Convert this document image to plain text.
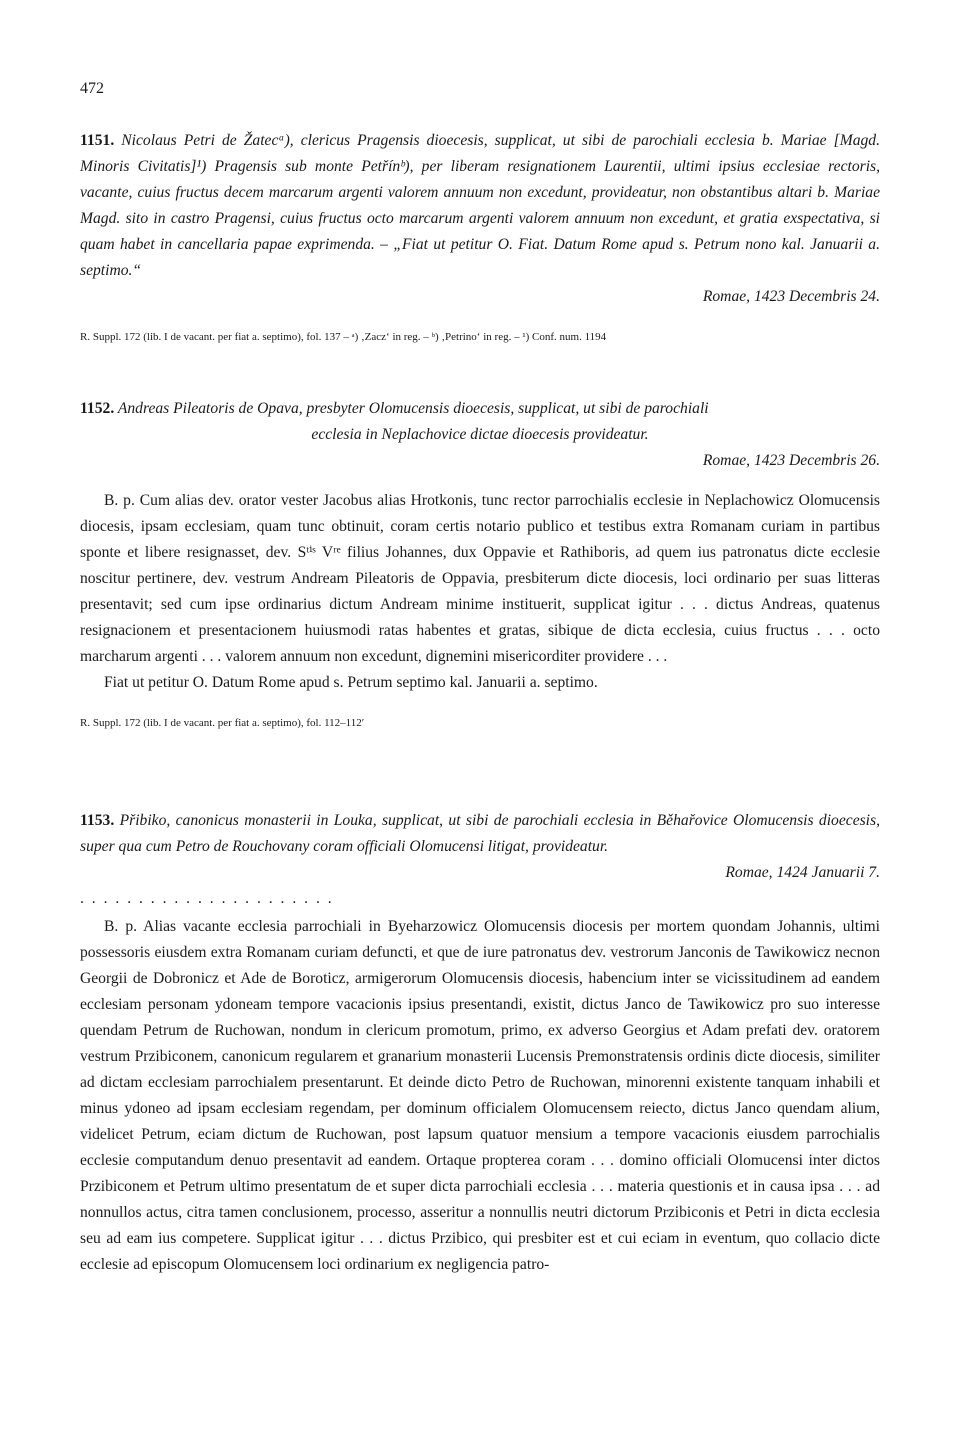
472
1151. Nicolaus Petri de Žatecᵃ), clericus Pragensis dioecesis, supplicat, ut sibi de parochiali ecclesia b. Mariae [Magd. Minoris Civitatis]¹) Pragensis sub monte Petřínᵇ), per liberam resignationem Laurentii, ultimi ipsius ecclesiae rectoris, vacante, cuius fructus decem marcarum argenti valorem annuum non excedunt, provideatur, non obstantibus altari b. Mariae Magd. sito in castro Pragensi, cuius fructus octo marcarum argenti valorem annuum non excedunt, et gratia exspectativa, si quam habet in cancellaria papae exprimenda. – „Fiat ut petitur O. Fiat. Datum Rome apud s. Petrum nono kal. Januarii a. septimo.“
Romae, 1423 Decembris 24.
R. Suppl. 172 (lib. I de vacant. per fiat a. septimo), fol. 137 – ᵃ) ‚Zacz‘ in reg. – ᵇ) ‚Petrino‘ in reg. – ¹) Conf. num. 1194
1152. Andreas Pileatoris de Opava, presbyter Olomucensis dioecesis, supplicat, ut sibi de parochiali
ecclesia in Neplachovice dictae dioecesis provideatur.
Romae, 1423 Decembris 26.

B. p. Cum alias dev. orator vester Jacobus alias Hrotkonis, tunc rector parrochialis ecclesie in Neplachowicz Olomucensis diocesis, ipsam ecclesiam, quam tunc obtinuit, coram certis notario publico et testibus extra Romanam curiam in partibus sponte et libere resignasset, dev. Sᵗⁱˢ Vʳᵉ filius Johannes, dux Oppavie et Rathiboris, ad quem ius patronatus dicte ecclesie noscitur pertinere, dev. vestrum Andream Pileatoris de Oppavia, presbiterum dicte diocesis, loci ordinario per suas litteras presentavit; sed cum ipse ordinarius dictum Andream minime instituerit, supplicat igitur . . . dictus Andreas, quatenus resignacionem et presentacionem huiusmodi ratas habentes et gratas, sibique de dicta ecclesia, cuius fructus . . . octo marcharum argenti . . . valorem annuum non excedunt, dignemini misericorditer providere . . .

Fiat ut petitur O. Datum Rome apud s. Petrum septimo kal. Januarii a. septimo.

R. Suppl. 172 (lib. I de vacant. per fiat a. septimo), fol. 112–112′
1153. Přibiko, canonicus monasterii in Louka, supplicat, ut sibi de parochiali ecclesia in Běhařovice Olomucensis dioecesis, super qua cum Petro de Rouchovany coram officiali Olomucensi litigat, provideatur.
Romae, 1424 Januarii 7.
. . . . . . . . . . . . . . . . . . . . . .

B. p. Alias vacante ecclesia parrochiali in Byeharzowicz Olomucensis diocesis per mortem quondam Johannis, ultimi possessoris eiusdem extra Romanam curiam defuncti, et que de iure patronatus dev. vestrorum Janconis de Tawikowicz necnon Georgii de Dobronicz et Ade de Boroticz, armigerorum Olomucensis diocesis, habencium inter se vicissitudinem ad eandem ecclesiam personam ydoneam tempore vacacionis ipsius presentandi, existit, dictus Janco de Tawikowicz pro suo interesse quendam Petrum de Ruchowan, nondum in clericum promotum, primo, ex adverso Georgius et Adam prefati dev. oratorem vestrum Przibiconem, canonicum regularem et granarium monasterii Lucensis Premonstratensis ordinis dicte diocesis, similiter ad dictam ecclesiam parrochialem presentarunt. Et deinde dicto Petro de Ruchowan, minorenni existente tanquam inhabili et minus ydoneo ad ipsam ecclesiam regendam, per dominum officialem Olomucensem reiecto, dictus Janco quendam alium, videlicet Petrum, eciam dictum de Ruchowan, post lapsum quatuor mensium a tempore vacacionis eiusdem parrochialis ecclesie computandum denuo presentavit ad eandem. Ortaque propterea coram . . . domino officiali Olomucensi inter dictos Przibiconem et Petrum ultimo presentatum de et super dicta parrochiali ecclesia . . . materia questionis et in causa ipsa . . . ad nonnullos actus, citra tamen conclusionem, processo, asseritur a nonnullis neutri dictorum Przibiconis et Petri in dicta ecclesia seu ad eam ius competere. Supplicat igitur . . . dictus Przibico, qui presbiter est et cui eciam in eventum, quo collacio dicte ecclesie ad episcopum Olomucensem loci ordinarium ex negligencia patro-
